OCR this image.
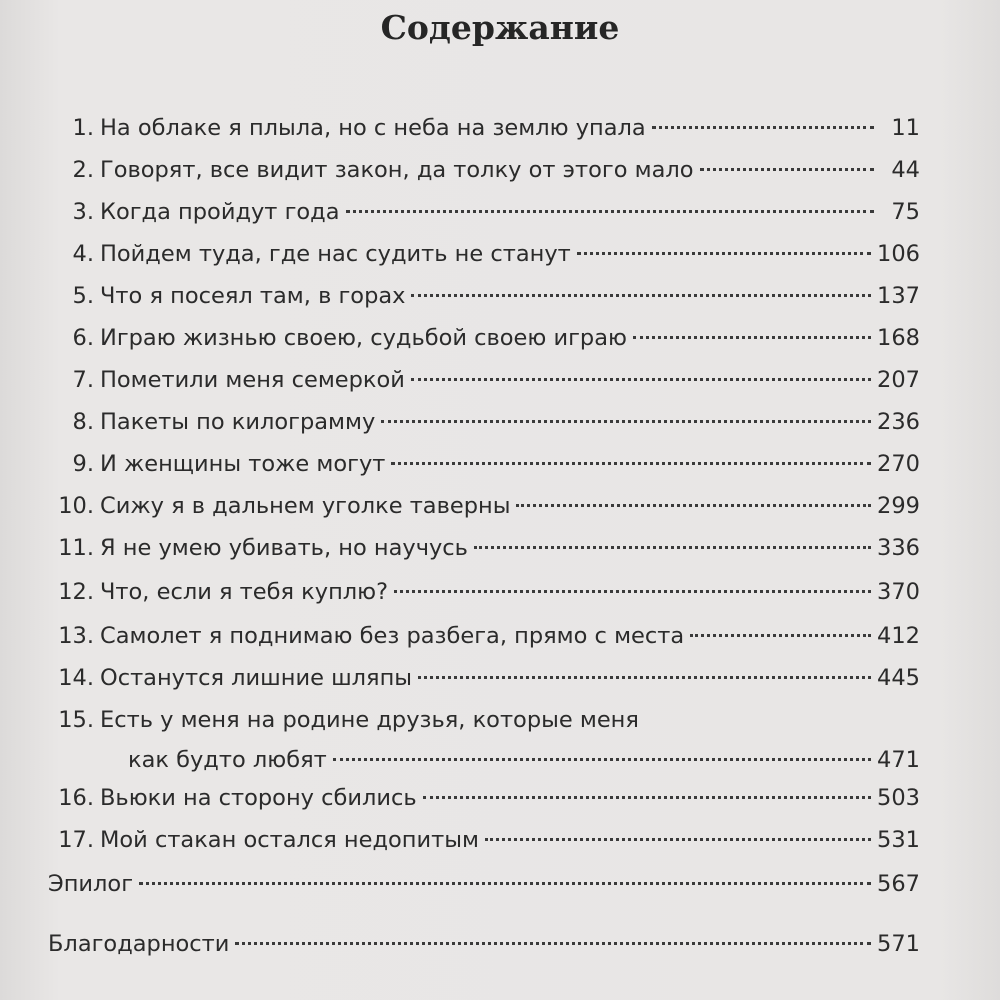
Содержание
1. На облаке я плыла, но с неба на землю упала	11
2. Говорят, все видит закон, да толку от этого мало	44
3. Когда пройдут года	75
4. Пойдем туда, где нас судить не станут	106
5. Что я посеял там, в горах	137
6. Играю жизнью своею, судьбой своею играю	168
7. Пометили меня семеркой	207
8. Пакеты по килограмму	236
9. И женщины тоже могут	270
10. Сижу я в дальнем уголке таверны	299
11. Я не умею убивать, но научусь	336
12. Что, если я тебя куплю?	370
13. Самолет я поднимаю без разбега, прямо с места	412
14. Останутся лишние шляпы	445
15. Есть у меня на родине друзья, которые меня
как будто любят	471
16. Вьюки на сторону сбились	503
17. Мой стакан остался недопитым	531
Эпилог	567
Благодарности	571
